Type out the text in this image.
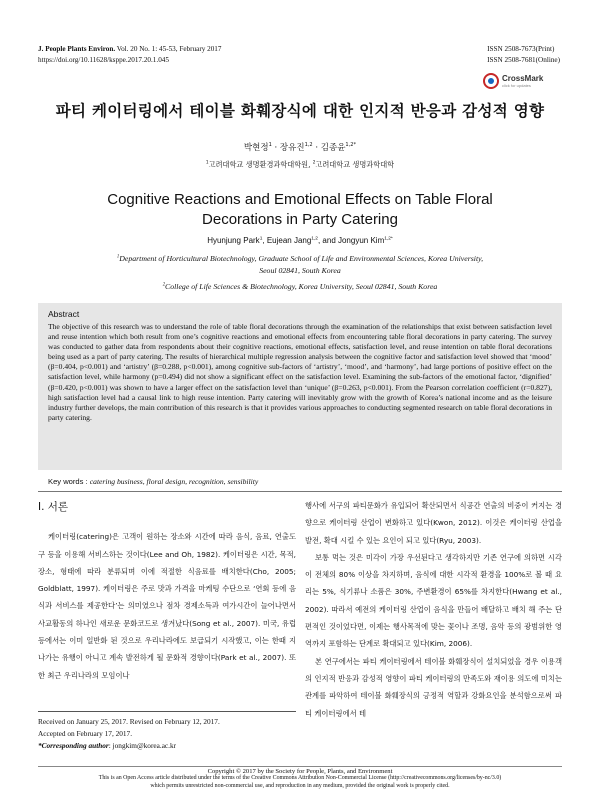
J. People Plants Environ. Vol. 20 No. 1: 45-53, February 2017
https://doi.org/10.11628/ksppe.2017.20.1.045
ISSN 2508-7673(Print)
ISSN 2508-7681(Online)
CrossMark
click for updates
파티 케이터링에서 테이블 화훼장식에 대한 인지적 반응과 감성적 영향
박현정$^1$ · 장유진$^{1,2}$ · 김종윤$^{1,2*}$
$^1$고려대학교 생명환경과학대학원, $^2$고려대학교 생명과학대학
Cognitive Reactions and Emotional Effects on Table Floral
Decorations in Party Catering
Hyunjung Park$^1$, Eujean Jang$^{1,2}$, and Jongyun Kim$^{1,2*}$
$^1$Department of Horticultural Biotechnology, Graduate School of Life and Environmental Sciences, Korea University,
Seoul 02841, South Korea
$^2$College of Life Sciences & Biotechnology, Korea University, Seoul 02841, South Korea
Abstract
The objective of this research was to understand the role of table floral decorations through the examination of the relationships that exist between satisfaction level and reuse intention which both result from one’s cognitive reactions and emotional effects from encountering table floral decorations in party catering. The survey was conducted to gather data from respondents about their cognitive reactions, emotional effects, satisfaction level, and reuse intention on table floral decorations being used as a part of party catering. The results of hierarchical multiple regression analysis between the cognitive factor and satisfaction level showed that ‘mood’ (β=0.404, p<0.001) and ‘artistry’ (β=0.288, p<0.001), among cognitive sub-factors of ‘artistry’, ‘mood’, and ‘harmony’, had large portions of positive effect on the satisfaction level, while harmony (p=0.494) did not show a significant effect on the satisfaction level. Examining the sub-factors of the emotional factor, ‘dignified’ (β=0.420, p<0.001) was shown to have a larger effect on the satisfaction level than ‘unique’ (β=0.263, p<0.001). From the Pearson correlation coefficient (r=0.827), high satisfaction level had a causal link to high reuse intention. Party catering will inevitably grow with the growth of Korea’s national income and as the leisure industry further develops, the main contribution of this research is that it provides various approaches to conducting segmented research on table floral decorations in party catering.
Key words : catering business, floral design, recognition, sensibility
Ⅰ. 서론
케이터링(catering)은 고객이 원하는 장소와 시간에 따라 음식, 음료, 연출도구 등을 이용해 서비스하는 것이다(Lee and Oh, 1982). 케이터링은 시간, 목적, 장소, 형태에 따라 분류되며 이에 적절한 식음료를 배치한다(Cho, 2005; Goldblatt, 1997). 케이터링은 주로 맛과 가격을 마케팅 수단으로 ‘연회 등에 음식과 서비스를 제공한다’는 의미였으나 점차 경제소득과 여가시간이 늘어나면서 사교활동의 하나인 새로운 문화코드로 생겨났다(Song et al., 2007). 미국, 유럽 등에서는 이미 일반화 된 것으로 우리나라에도 보급되기 시작했고, 이는 한때 지나가는 유행이 아니고 계속 발전하게 될 문화적 경향이다(Park et al., 2007). 또한 최근 우리나라의 모임이나
행사에 서구의 파티문화가 유입되어 확산되면서 식공간 연출의 비중이 커지는 경향으로 케이터링 산업이 변화하고 있다(Kwon, 2012). 이것은 케이터링 산업을 발전, 확대 시킬 수 있는 요인이 되고 있다(Ryu, 2003).
보통 먹는 것은 미각이 가장 우선된다고 생각하지만 기존 연구에 의하면 시각이 전체의 80% 이상을 차지하며, 음식에 대한 시각적 환경을 100%로 볼 때 요리는 5%, 식기류나 소품은 30%, 주변환경이 65%를 차지한다(Hwang et al., 2002). 따라서 예전의 케이터링 산업이 음식을 만들어 배달하고 배치 해 주는 단편적인 것이었다면, 이제는 행사목적에 맞는 꽃이나 조명, 음악 등의 광범위한 영역까지 포함하는 단계로 확대되고 있다(Kim, 2006).
본 연구에서는 파티 케이터링에서 테이블 화훼장식이 설치되었을 경우 이용객의 인지적 반응과 감성적 영향이 파티 케이터링의 만족도와 재이용 의도에 미치는 관계를 파악하여 테이블 화훼장식의 긍정적 역할과 강화요인을 분석함으로써 파티 케이터링에서 테
Received on January 25, 2017. Revised on February 12, 2017.
Accepted on February 17, 2017.
*Corresponding author: jongkim@korea.ac.kr
Copyright © 2017 by the Society for People, Plants, and Environment
This is an Open Access article distributed under the terms of the Creative Commons Attribution Non-Commercial License (http://creativecommons.org/licenses/by-nc/3.0)
which permits unrestricted non-commercial use, and reproduction in any medium, provided the original work is properly cited.
